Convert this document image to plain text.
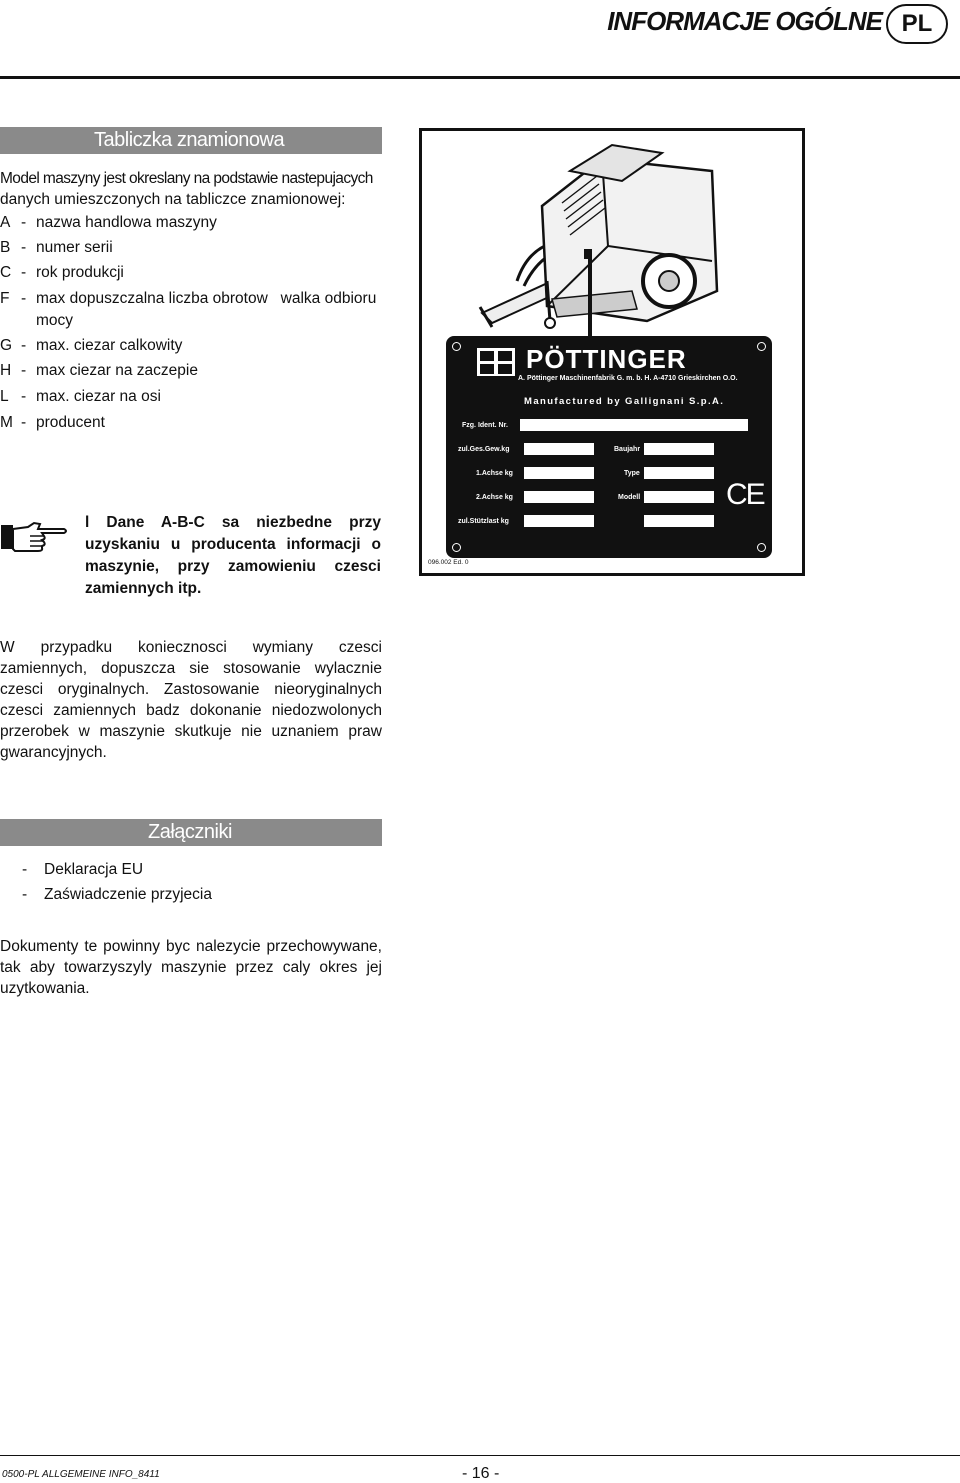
INFORMACJE OGÓLNE PL
Tabliczka znamionowa
Model maszyny jest okreslany na podstawie nastepujacych
danych umieszczonych na tabliczce znamionowej:
A - nazwa handlowa maszyny
B - numer serii
C - rok produkcji
F - max dopuszczalna liczba obrotow   walka odbioru
mocy
G - max. ciezar calkowity
H - max ciezar na zaczepie
L - max. ciezar na osi
M - producent
l Dane A-B-C sa niezbedne przy uzyskaniu u producenta informacji o maszynie, przy zamowieniu czesci zamiennych itp.
PÖTTINGER
A. Pöttinger Maschinenfabrik G. m. b. H. A-4710 Grieskirchen O.O.
Manufactured by Gallignani S.p.A.
Fzg. Ident. Nr.
zul.Ges.Gew.kg	Baujahr
1.Achse kg	Type
2.Achse kg	Modell
zul.Stützlast kg
CE
096.002 Ed. 0
W przypadku koniecznosci wymiany czesci zamiennych, dopuszcza sie stosowanie wylacznie czesci oryginalnych. Zastosowanie nieoryginalnych czesci zamiennych badz dokonanie niedozwolonych przerobek w maszynie skutkuje nie uznaniem praw gwarancyjnych.
Załączniki
- Deklaracja EU
- Zaświadczenie przyjecia
Dokumenty te powinny byc nalezycie przechowywane, tak aby towarzyszyly maszynie przez caly okres jej uzytkowania.
0500-PL ALLGEMEINE INFO_8411	- 16 -
